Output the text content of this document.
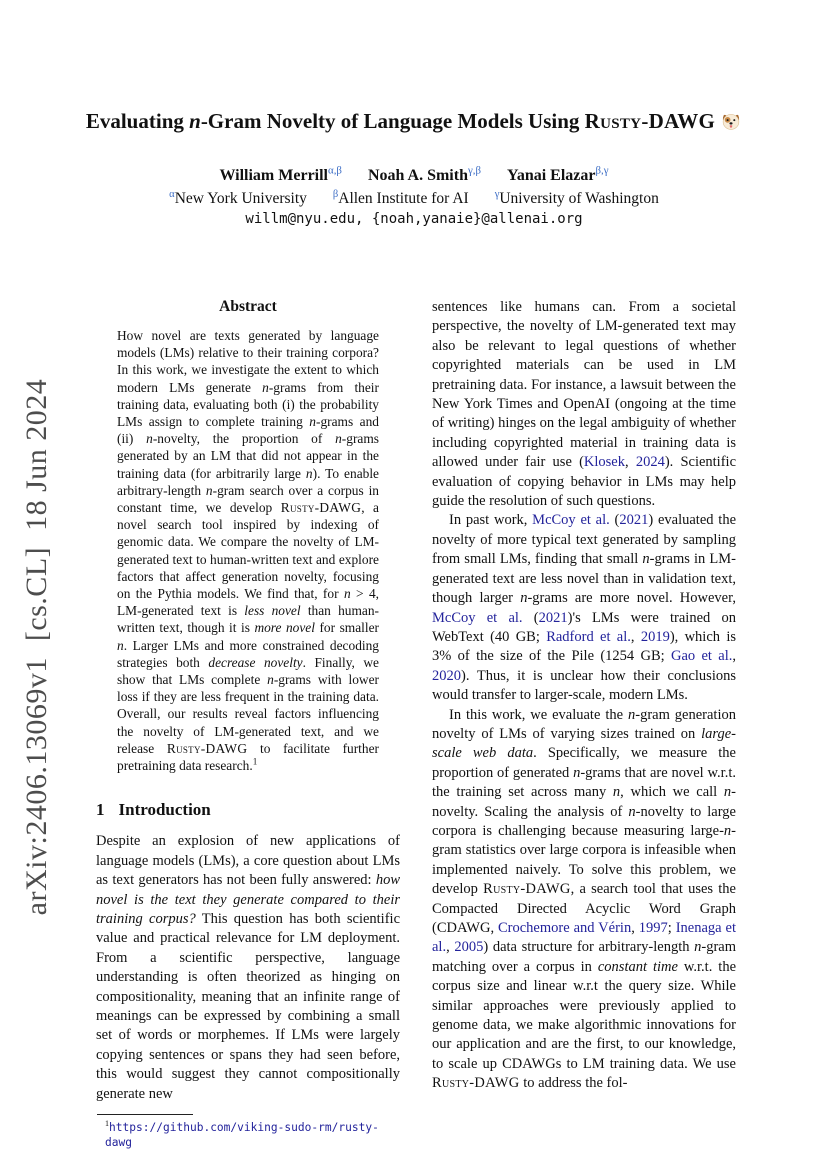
arXiv:2406.13069v1  [cs.CL]  18 Jun 2024
Evaluating n-Gram Novelty of Language Models Using Rusty-DAWG
William Merrill$^{\alpha,\beta}$ Noah A. Smith$^{\gamma,\beta}$ Yanai Elazar$^{\beta,\gamma}$
$^\alpha$New York University $^\beta$Allen Institute for AI $^\gamma$University of Washington
willm@nyu.edu, {noah,yanaie}@allenai.org
Abstract
How novel are texts generated by language models (LMs) relative to their training corpora? In this work, we investigate the extent to which modern LMs generate n-grams from their training data, evaluating both (i) the probability LMs assign to complete training n-grams and (ii) n-novelty, the proportion of n-grams generated by an LM that did not appear in the training data (for arbitrarily large n). To enable arbitrary-length n-gram search over a corpus in constant time, we develop Rusty-DAWG, a novel search tool inspired by indexing of genomic data. We compare the novelty of LM-generated text to human-written text and explore factors that affect generation novelty, focusing on the Pythia models. We find that, for n > 4, LM-generated text is less novel than human-written text, though it is more novel for smaller n. Larger LMs and more constrained decoding strategies both decrease novelty. Finally, we show that LMs complete n-grams with lower loss if they are less frequent in the training data. Overall, our results reveal factors influencing the novelty of LM-generated text, and we release Rusty-DAWG to facilitate further pretraining data research.$^1$
1 Introduction

Despite an explosion of new applications of language models (LMs), a core question about LMs as text generators has not been fully answered: how novel is the text they generate compared to their training corpus? This question has both scientific value and practical relevance for LM deployment. From a scientific perspective, language understanding is often theorized as hinging on compositionality, meaning that an infinite range of meanings can be expressed by combining a small set of words or morphemes. If LMs were largely copying sentences or spans they had seen before, this would suggest they cannot compositionally generate new

$^1$https://github.com/viking-sudo-rm/rusty-dawg

sentences like humans can. From a societal perspective, the novelty of LM-generated text may also be relevant to legal questions of whether copyrighted materials can be used in LM pretraining data. For instance, a lawsuit between the New York Times and OpenAI (ongoing at the time of writing) hinges on the legal ambiguity of whether including copyrighted material in training data is allowed under fair use (Klosek, 2024). Scientific evaluation of copying behavior in LMs may help guide the resolution of such questions.

In past work, McCoy et al. (2021) evaluated the novelty of more typical text generated by sampling from small LMs, finding that small n-grams in LM-generated text are less novel than in validation text, though larger n-grams are more novel. However, McCoy et al. (2021)'s LMs were trained on WebText (40 GB; Radford et al., 2019), which is 3% of the size of the Pile (1254 GB; Gao et al., 2020). Thus, it is unclear how their conclusions would transfer to larger-scale, modern LMs.

In this work, we evaluate the n-gram generation novelty of LMs of varying sizes trained on large-scale web data. Specifically, we measure the proportion of generated n-grams that are novel w.r.t. the training set across many n, which we call n-novelty. Scaling the analysis of n-novelty to large corpora is challenging because measuring large-n-gram statistics over large corpora is infeasible when implemented naively. To solve this problem, we develop Rusty-DAWG, a search tool that uses the Compacted Directed Acyclic Word Graph (CDAWG, Crochemore and Vérin, 1997; Inenaga et al., 2005) data structure for arbitrary-length n-gram matching over a corpus in constant time w.r.t. the corpus size and linear w.r.t the query size. While similar approaches were previously applied to genome data, we make algorithmic innovations for our application and are the first, to our knowledge, to scale up CDAWGs to LM training data. We use Rusty-DAWG to address the fol-
